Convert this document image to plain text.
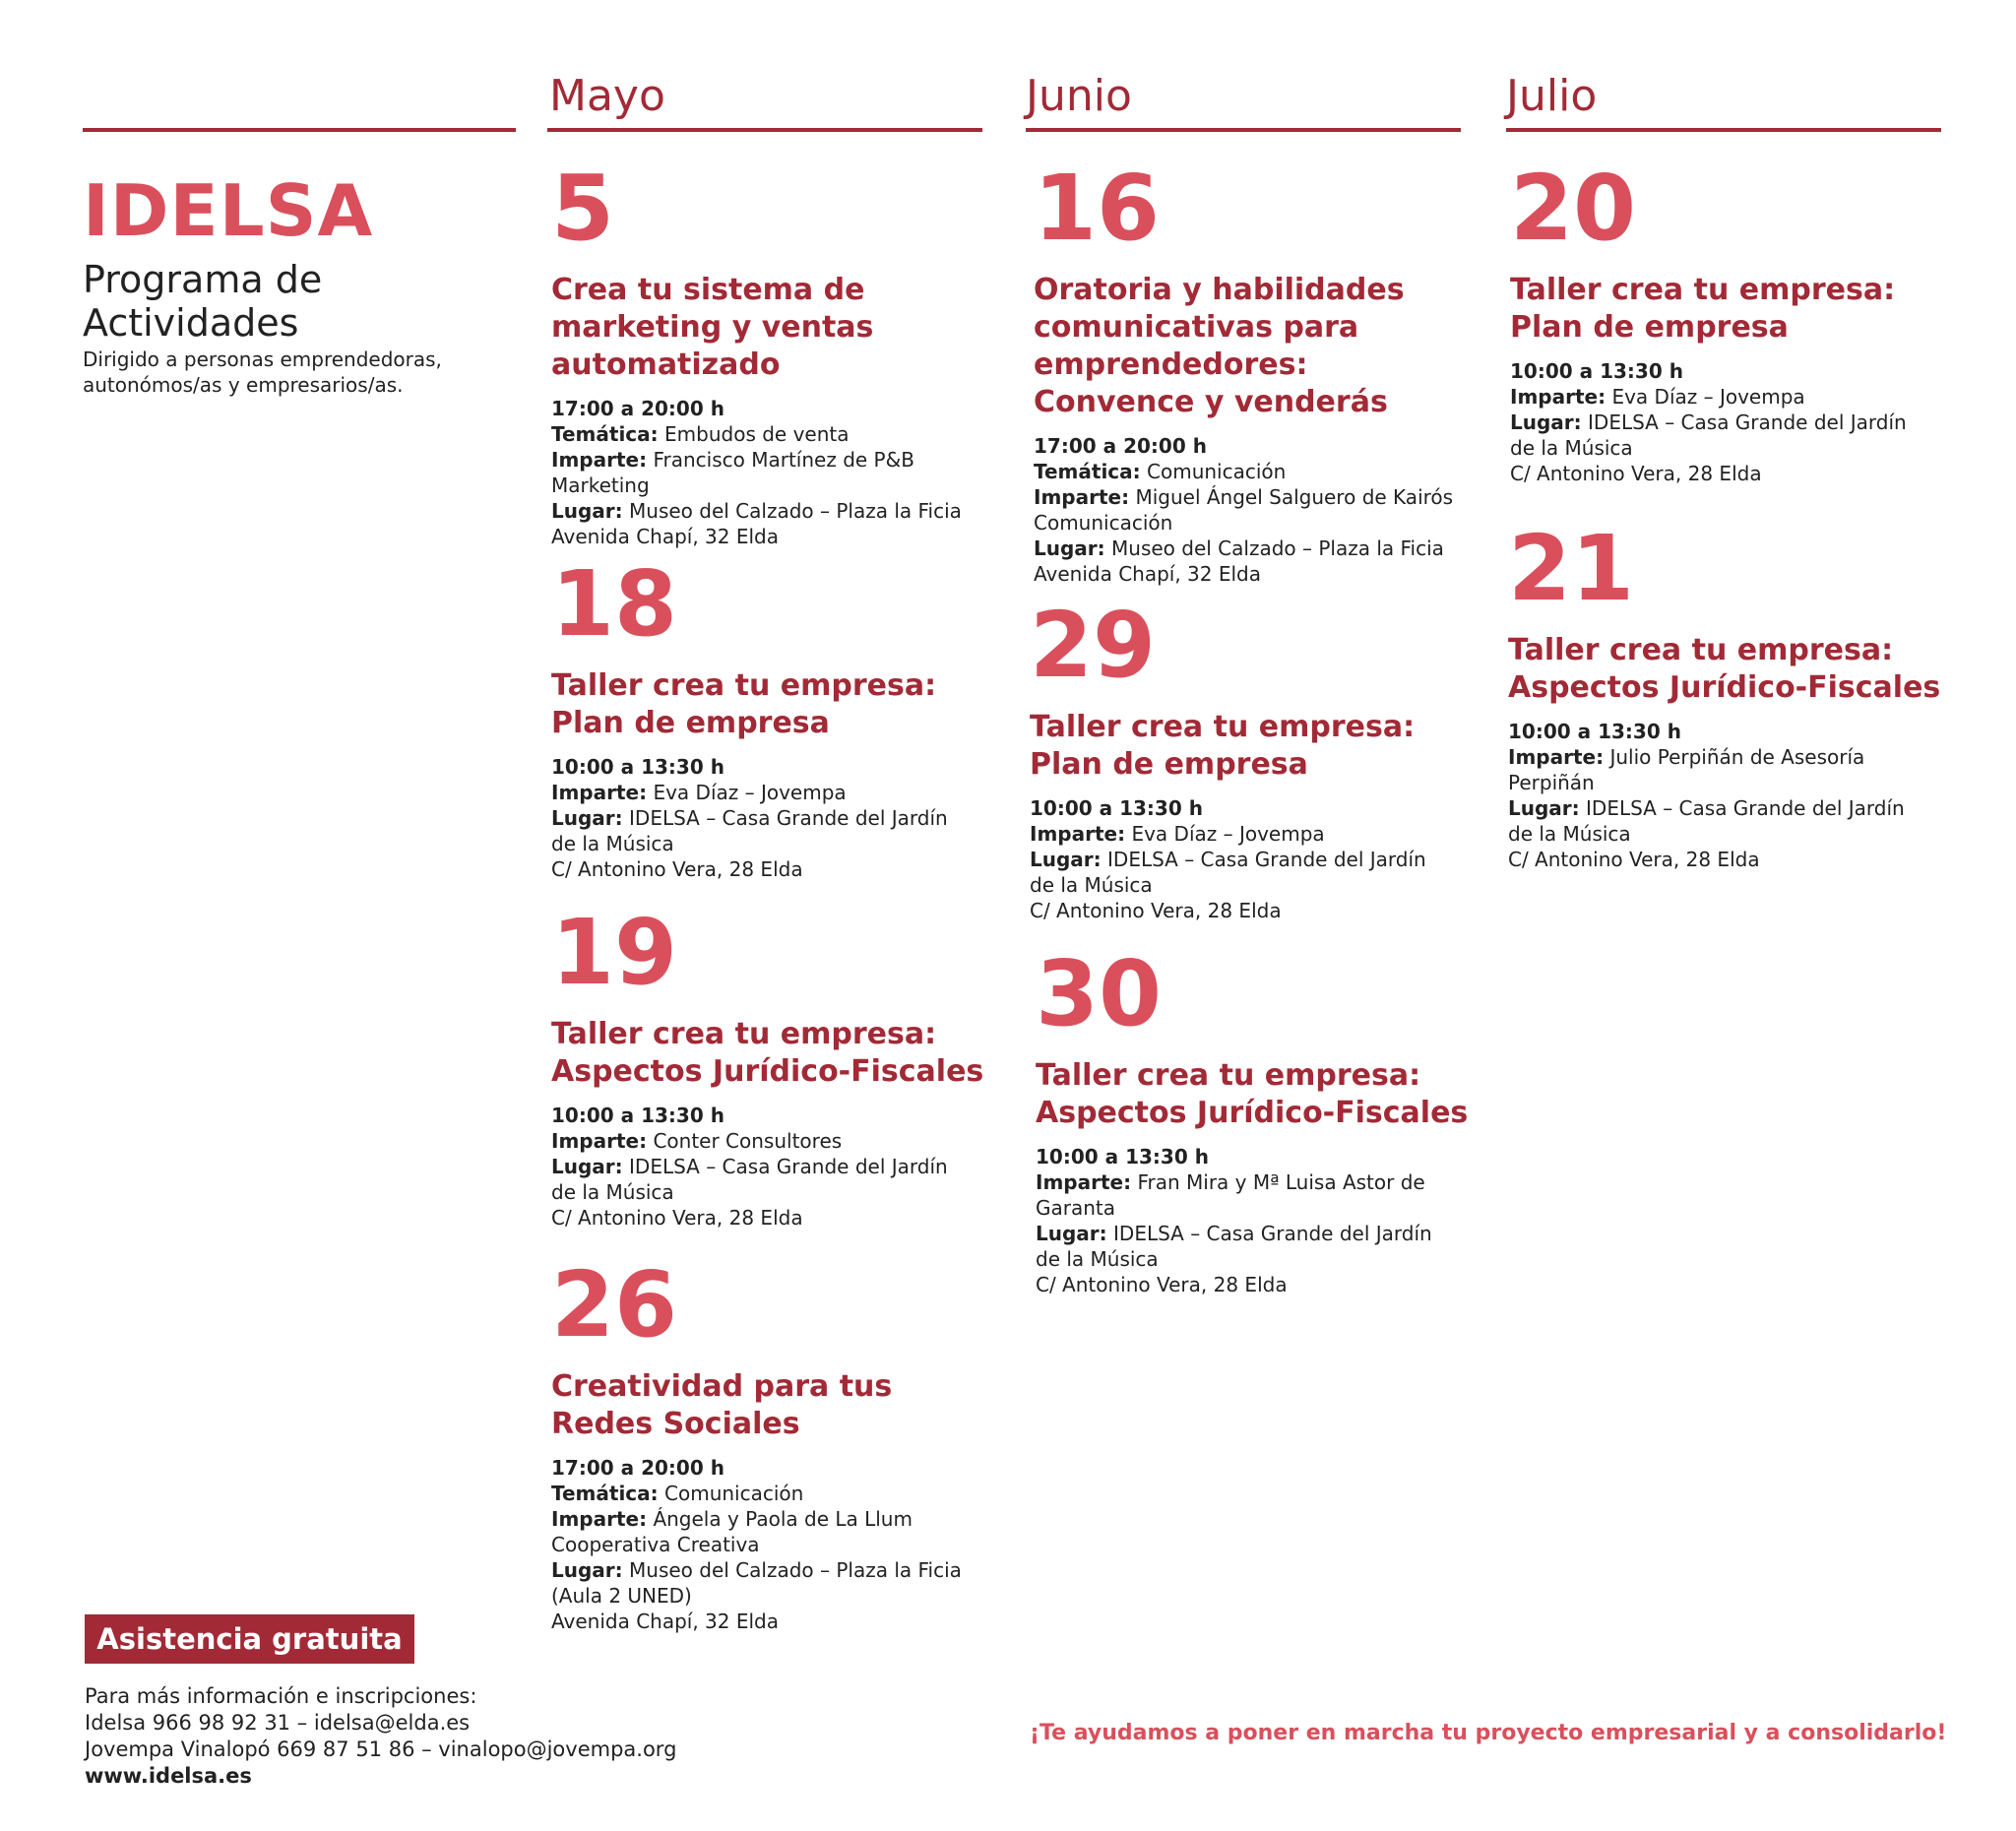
Mayo	Junio	Julio
IDELSA
Programa de
Actividades
Dirigido a personas emprendedoras,
autonómos/as y empresarios/as.
5
Crea tu sistema de
marketing y ventas
automatizado
17:00 a 20:00 h
Temática: Embudos de venta
Imparte: Francisco Martínez de P&B
Marketing
Lugar: Museo del Calzado – Plaza la Ficia
Avenida Chapí, 32 Elda
18
Taller crea tu empresa:
Plan de empresa
10:00 a 13:30 h
Imparte: Eva Díaz – Jovempa
Lugar: IDELSA – Casa Grande del Jardín
de la Música
C/ Antonino Vera, 28 Elda
19
Taller crea tu empresa:
Aspectos Jurídico-Fiscales
10:00 a 13:30 h
Imparte: Conter Consultores
Lugar: IDELSA – Casa Grande del Jardín
de la Música
C/ Antonino Vera, 28 Elda
26
Creatividad para tus
Redes Sociales
17:00 a 20:00 h
Temática: Comunicación
Imparte: Ángela y Paola de La Llum
Cooperativa Creativa
Lugar: Museo del Calzado – Plaza la Ficia
(Aula 2 UNED)
Avenida Chapí, 32 Elda
16
Oratoria y habilidades
comunicativas para
emprendedores:
Convence y venderás
17:00 a 20:00 h
Temática: Comunicación
Imparte: Miguel Ángel Salguero de Kairós
Comunicación
Lugar: Museo del Calzado – Plaza la Ficia
Avenida Chapí, 32 Elda
29
Taller crea tu empresa:
Plan de empresa
10:00 a 13:30 h
Imparte: Eva Díaz – Jovempa
Lugar: IDELSA – Casa Grande del Jardín
de la Música
C/ Antonino Vera, 28 Elda
30
Taller crea tu empresa:
Aspectos Jurídico-Fiscales
10:00 a 13:30 h
Imparte: Fran Mira y Mª Luisa Astor de
Garanta
Lugar: IDELSA – Casa Grande del Jardín
de la Música
C/ Antonino Vera, 28 Elda
20
Taller crea tu empresa:
Plan de empresa
10:00 a 13:30 h
Imparte: Eva Díaz – Jovempa
Lugar: IDELSA – Casa Grande del Jardín
de la Música
C/ Antonino Vera, 28 Elda
21
Taller crea tu empresa:
Aspectos Jurídico-Fiscales
10:00 a 13:30 h
Imparte: Julio Perpiñán de Asesoría
Perpiñán
Lugar: IDELSA – Casa Grande del Jardín
de la Música
C/ Antonino Vera, 28 Elda
Asistencia gratuita
Para más información e inscripciones:
Idelsa 966 98 92 31 – idelsa@elda.es
Jovempa Vinalopó 669 87 51 86 – vinalopo@jovempa.org
www.idelsa.es
¡Te ayudamos a poner en marcha tu proyecto empresarial y a consolidarlo!
